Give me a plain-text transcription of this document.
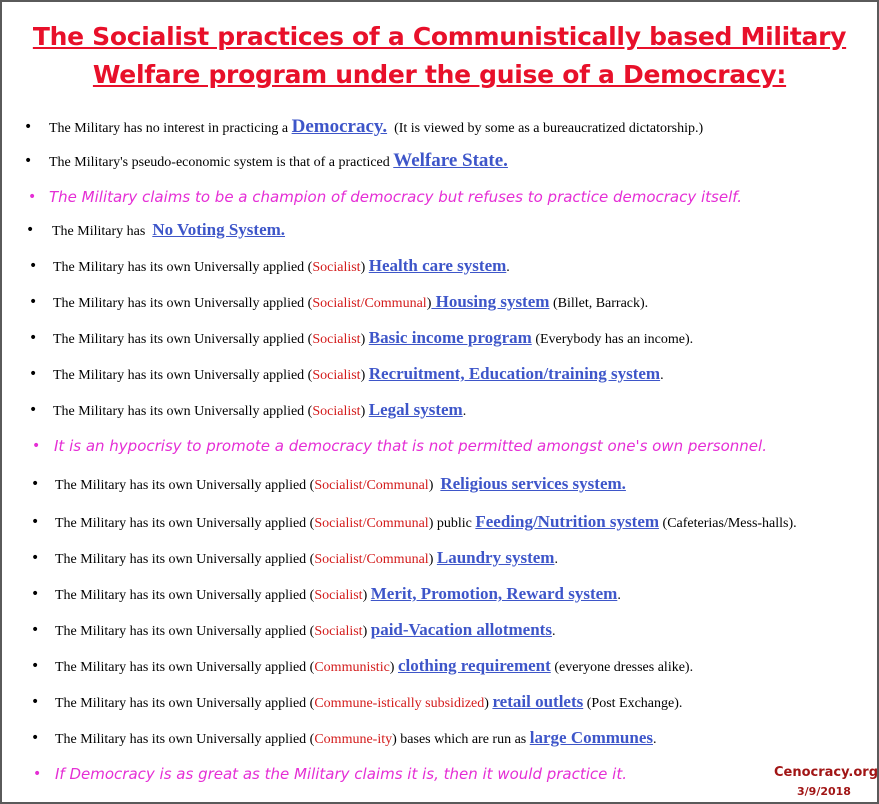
The Socialist practices of a Communistically based Military
Welfare program under the guise of a Democracy:
• The Military has no interest in practicing a Democracy. (It is viewed by some as a bureaucratized dictatorship.)
• The Military's pseudo-economic system is that of a practiced Welfare State.
• The Military claims to be a champion of democracy but refuses to practice democracy itself.
• The Military has No Voting System.
• The Military has its own Universally applied ( Socialist ) Health care system .
• The Military has its own Universally applied ( Socialist/Communal ) Housing system (Billet, Barrack).
• The Military has its own Universally applied ( Socialist ) Basic income program (Everybody has an income).
• The Military has its own Universally applied ( Socialist ) Recruitment, Education/training system .
• The Military has its own Universally applied ( Socialist ) Legal system .
• It is an hypocrisy to promote a democracy that is not permitted amongst one's own personnel.
• The Military has its own Universally applied ( Socialist/Communal ) Religious services system.
• The Military has its own Universally applied ( Socialist/Communal ) public Feeding/Nutrition system (Cafeterias/Mess-halls).
• The Military has its own Universally applied ( Socialist/Communal ) Laundry system .
• The Military has its own Universally applied ( Socialist ) Merit, Promotion, Reward system .
• The Military has its own Universally applied ( Socialist ) paid-Vacation allotments .
• The Military has its own Universally applied ( Communistic ) clothing requirement (everyone dresses alike).
• The Military has its own Universally applied ( Commune-istically subsidized ) retail outlets (Post Exchange).
• The Military has its own Universally applied ( Commune-ity ) bases which are run as large Communes .
• If Democracy is as great as the Military claims it is, then it would practice it.	Cenocracy.org
3/9/2018
